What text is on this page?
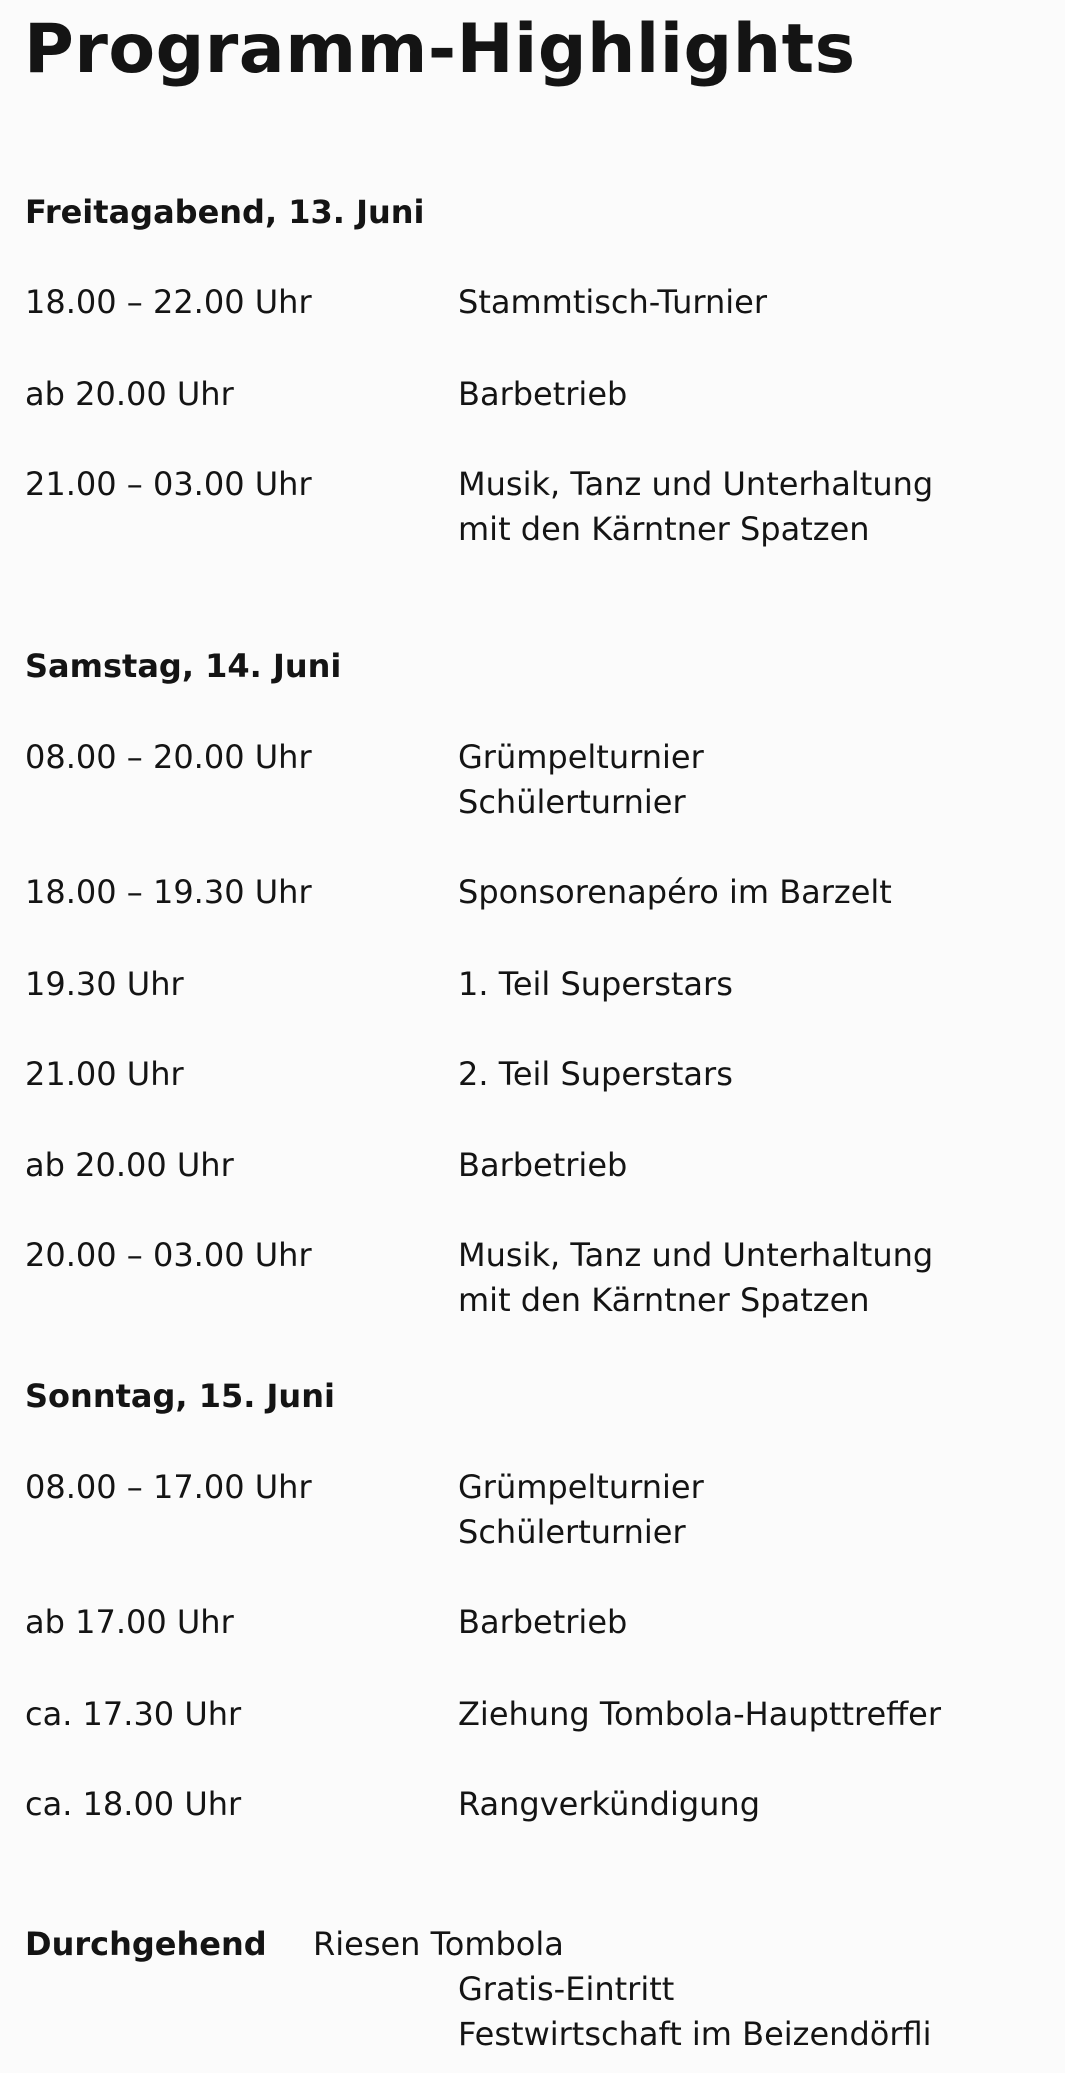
Programm-Highlights
Freitagabend, 13. Juni
18.00 – 22.00 Uhr	Stammtisch-Turnier
ab 20.00 Uhr	Barbetrieb
21.00 – 03.00 Uhr	Musik, Tanz und Unterhaltung
mit den Kärntner Spatzen
Samstag, 14. Juni
08.00 – 20.00 Uhr	Grümpelturnier
Schülerturnier
18.00 – 19.30 Uhr	Sponsorenapéro im Barzelt
19.30 Uhr	1. Teil Superstars
21.00 Uhr	2. Teil Superstars
ab 20.00 Uhr	Barbetrieb
20.00 – 03.00 Uhr	Musik, Tanz und Unterhaltung
mit den Kärntner Spatzen
Sonntag, 15. Juni
08.00 – 17.00 Uhr	Grümpelturnier
Schülerturnier
ab 17.00 Uhr	Barbetrieb
ca. 17.30 Uhr	Ziehung Tombola-Haupttreffer
ca. 18.00 Uhr	Rangverkündigung
Durchgehend Riesen Tombola
Gratis-Eintritt
Festwirtschaft im Beizendörfli
